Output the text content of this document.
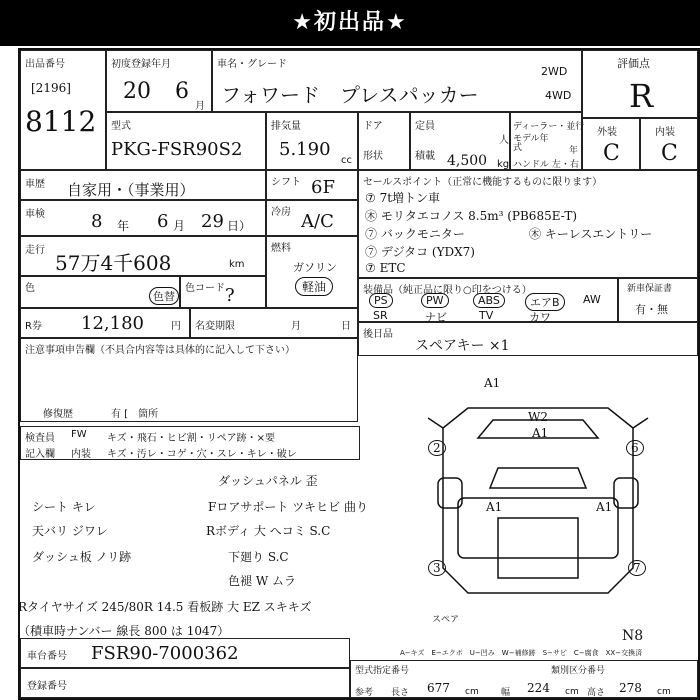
★初出品★
出品番号
[2196]
8112
初度登録年月
20 6
月
車名・グレード
フォワード　プレスパッカー
2WD
4WD
評価点
R
型式
PKG-FSR90S2
排気量
5.190
cc
ドア
形状
定員
人
積載 4,500 kg
ディーラー・並行
モデル年式	年
ハンドル 左・右
外装
C
内装
C
車歴 自家用・（事業用）	シフト 6F
車検	8 年 6 月 29 日）
冷房 A/C
走行
57万4千608	km
燃料
ガソリン
軽油
色
色替
色コード ?
R券 12,180	円 名変期限	月	日
セールスポイント（正常に機能するものに限ります）
⑦ 7t増トン車
㊍ モリタエコノス 8.5m³ (PB685E-T)
⑦ バックモニター	㊍ キーレスエントリー
⑦ デジタコ (YDX7)
⑦ ETC
装備品（純正品に限り○印をつける）
PS	PW	ABS	エアB	AW
SR	ナビ	TV	カワ
新車保証書
有・無
後日品
スペアキー ×1
注意事項申告欄（不具合内容等は具体的に記入して下さい）
修復歴	有 [　箇所
検査員
記入欄
FW
内装
キズ・飛石・ヒビ割・リペア跡・×要
キズ・汚レ・コゲ・穴・スレ・キレ・破レ
ダッシュパネル 歪
シート キレ	Fロアサポート ツキヒビ 曲り
天バリ ジワレ	Rボディ 大 へコミ S.C
ダッシュ板 ノリ跡	下廻り S.C
色褪 W ムラ
Rタイヤサイズ 245/80R 14.5 看板跡 大 EZ スキキズ
（積車時ナンバー 線長 800 は 1047）
A1
W2
A1
2	6
A1	A1
3	7
スペア
N8
A−キズ　E−エクボ　U−凹み　W−補修跡　S−サビ　C−腐食　XX−交換済
車台番号 FSR90-7000362
登録番号
型式指定番号	類別区分番号
参考 長さ 677 cm 幅 224 cm 高さ 278 cm
